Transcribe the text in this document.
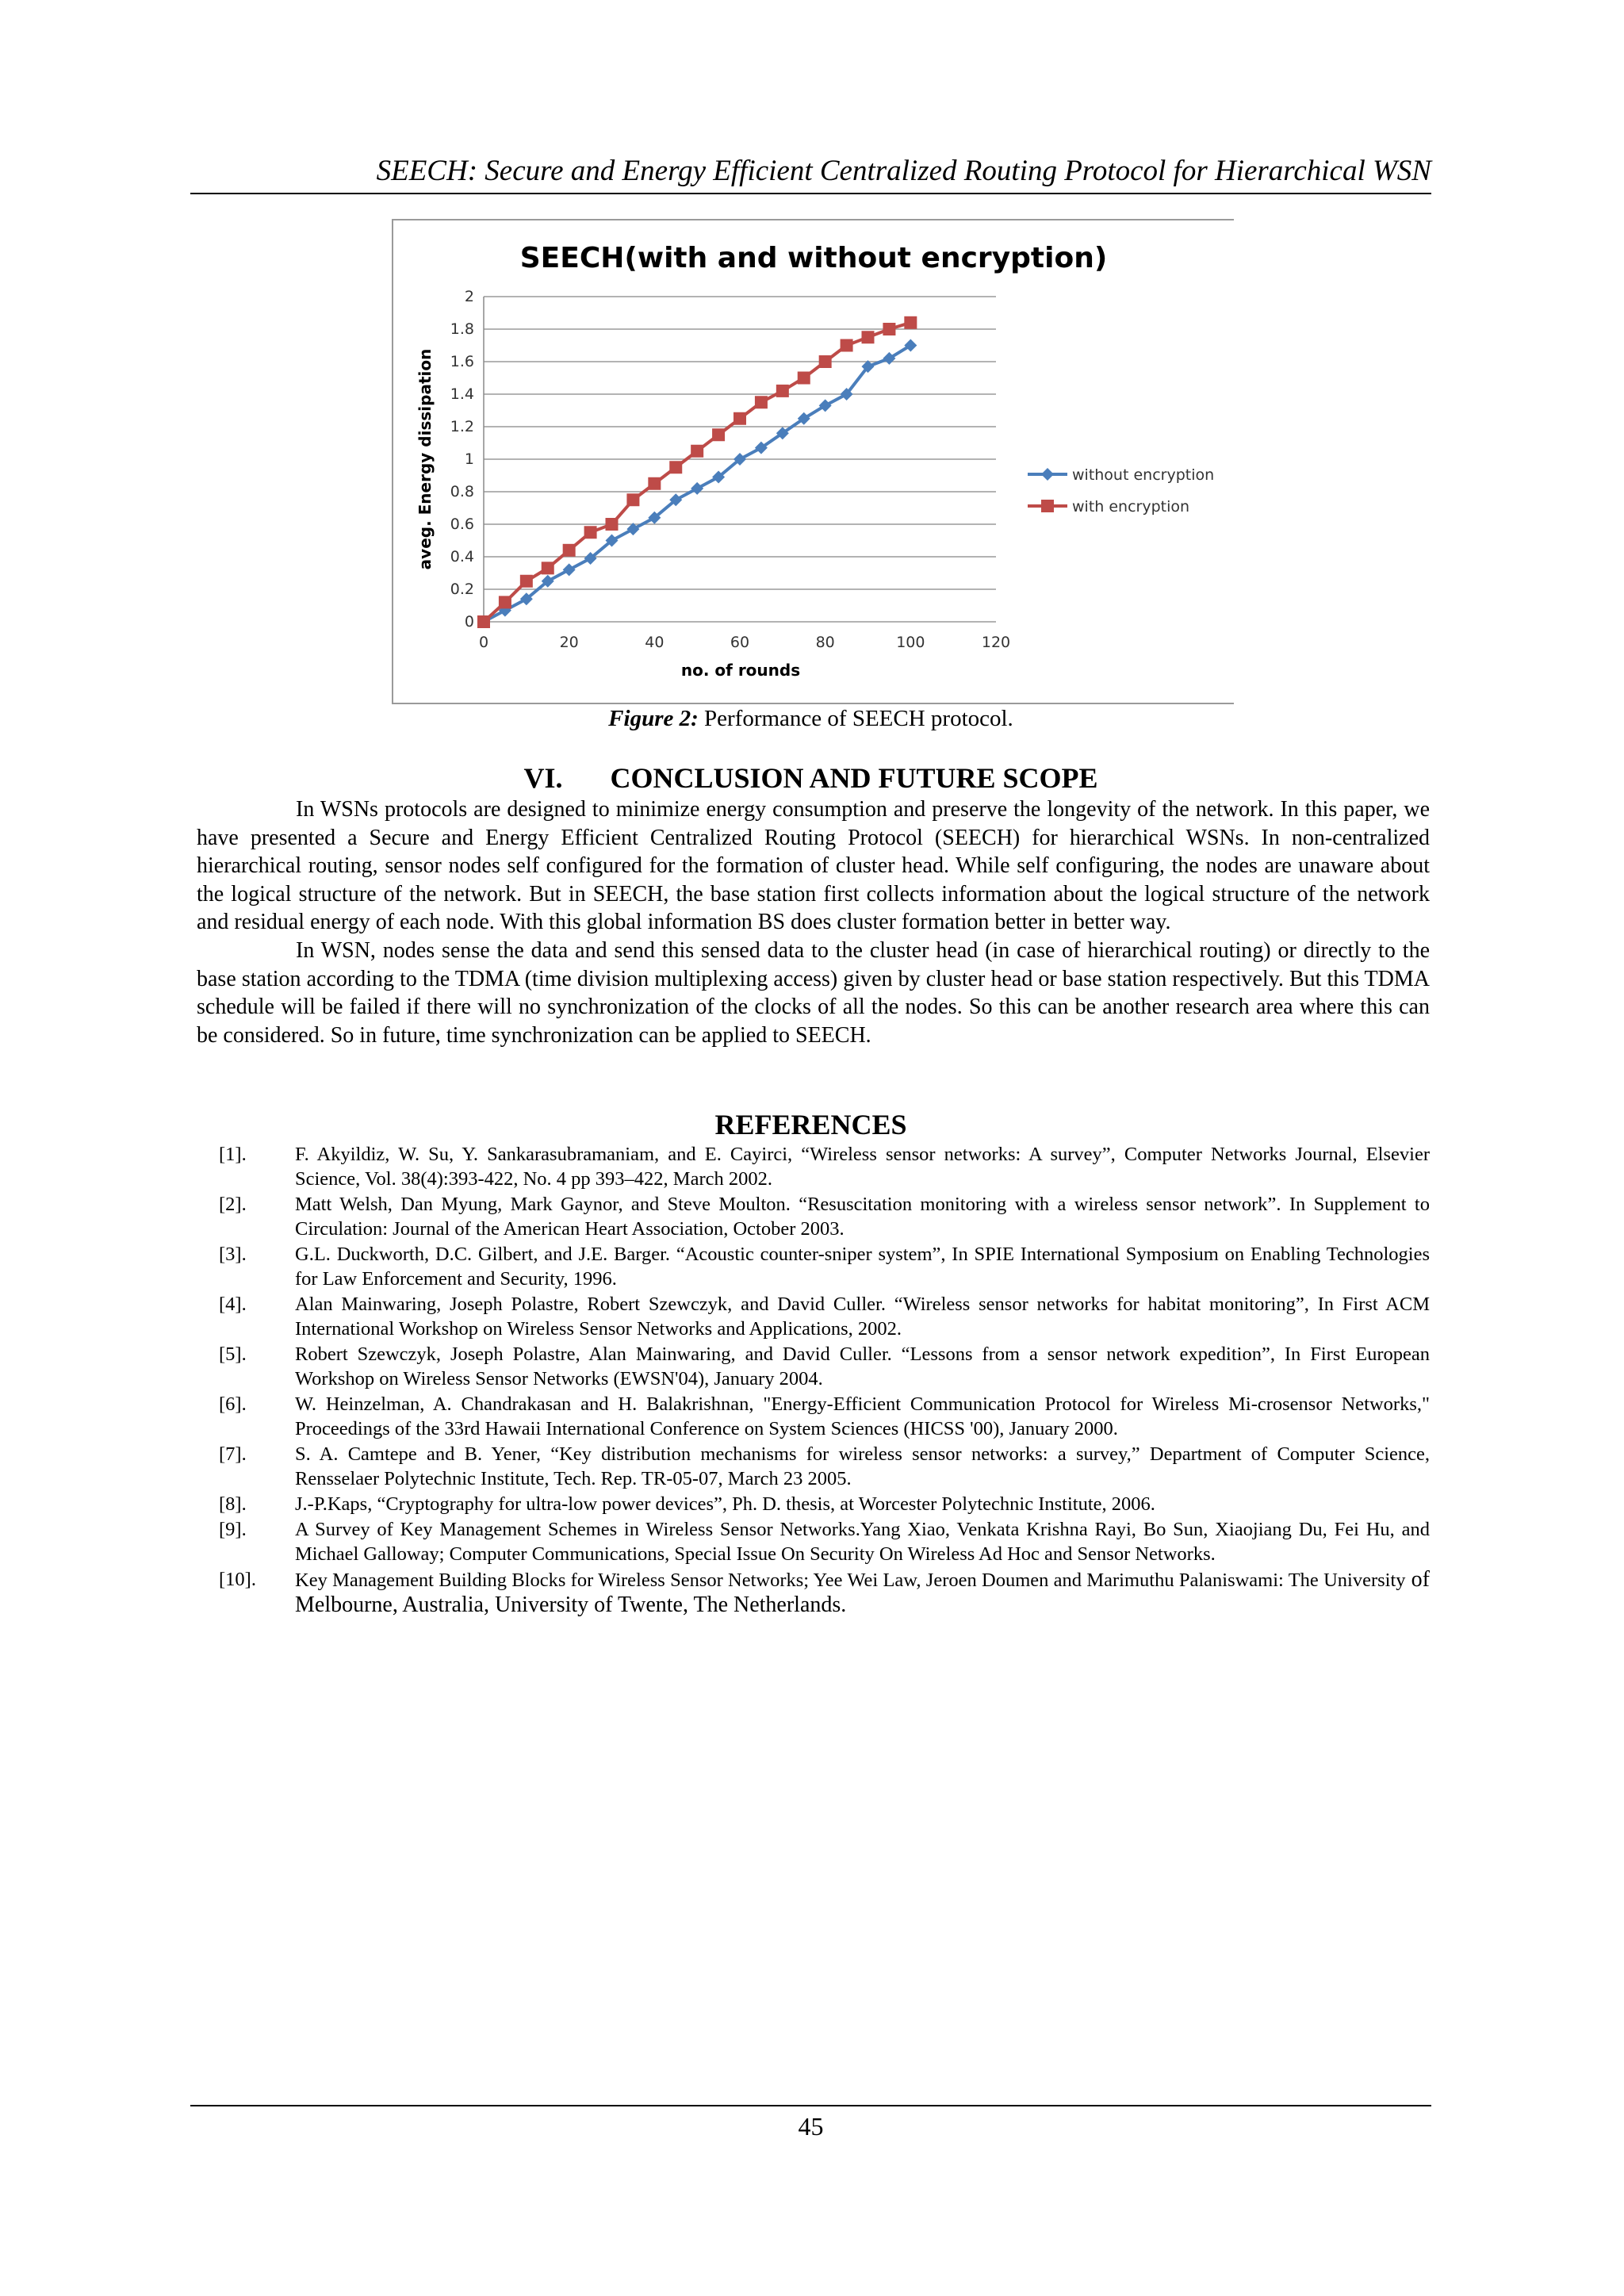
SEECH: Secure and Energy Efficient Centralized Routing Protocol for Hierarchical WSN
SEECH(with and without encryption)
0
0.2
0.4
0.6
0.8
1
1.2
1.4
1.6
1.8
2
0	20	40	60	80	100	120
without encryption
with encryption
no. of rounds
aveg. Energy dissipation
Figure 2: Performance of SEECH protocol.
VI. CONCLUSION AND FUTURE SCOPE

In WSNs protocols are designed to minimize energy consumption and preserve the longevity of the network. In this paper, we have presented a Secure and Energy Efficient Centralized Routing Protocol (SEECH) for hierarchical WSNs. In non-centralized hierarchical routing, sensor nodes self configured for the formation of cluster head. While self configuring, the nodes are unaware about the logical structure of the network. But in SEECH, the base station first collects information about the logical structure of the network and residual energy of each node. With this global information BS does cluster formation better in better way.

In WSN, nodes sense the data and send this sensed data to the cluster head (in case of hierarchical routing) or directly to the base station according to the TDMA (time division multiplexing access) given by cluster head or base station respectively. But this TDMA schedule will be failed if there will no synchronization of the clocks of all the nodes. So this can be another research area where this can be considered. So in future, time synchronization can be applied to SEECH.

REFERENCES
[1].	F. Akyildiz, W. Su, Y. Sankarasubramaniam, and E. Cayirci, “Wireless sensor networks: A survey”, Computer Networks Journal, Elsevier Science, Vol. 38(4):393-422, No. 4 pp 393–422, March 2002.
[2].	Matt Welsh, Dan Myung, Mark Gaynor, and Steve Moulton. “Resuscitation monitoring with a wireless sensor network”. In Supplement to Circulation: Journal of the American Heart Association, October 2003.
[3].	G.L. Duckworth, D.C. Gilbert, and J.E. Barger. “Acoustic counter-sniper system”, In SPIE International Symposium on Enabling Technologies for Law Enforcement and Security, 1996.
[4].	Alan Mainwaring, Joseph Polastre, Robert Szewczyk, and David Culler. “Wireless sensor networks for habitat monitoring”, In First ACM International Workshop on Wireless Sensor Networks and Applications, 2002.
[5].	Robert Szewczyk, Joseph Polastre, Alan Mainwaring, and David Culler. “Lessons from a sensor network expedition”, In First European Workshop on Wireless Sensor Networks (EWSN'04), January 2004.
[6].	W. Heinzelman, A. Chandrakasan and H. Balakrishnan, "Energy-Efficient Communication Protocol for Wireless Mi-crosensor Networks," Proceedings of the 33rd Hawaii International Conference on System Sciences (HICSS '00), January 2000.
[7].	S. A. Camtepe and B. Yener, “Key distribution mechanisms for wireless sensor networks: a survey,” Department of Computer Science, Rensselaer Polytechnic Institute, Tech. Rep. TR-05-07, March 23 2005.
[8].	J.-P.Kaps, “Cryptography for ultra-low power devices”, Ph. D. thesis, at Worcester Polytechnic Institute, 2006.
[9].	A Survey of Key Management Schemes in Wireless Sensor Networks.Yang Xiao, Venkata Krishna Rayi, Bo Sun, Xiaojiang Du, Fei Hu, and Michael Galloway; Computer Communications, Special Issue On Security On Wireless Ad Hoc and Sensor Networks.
[10].	Key Management Building Blocks for Wireless Sensor Networks; Yee Wei Law, Jeroen Doumen and Marimuthu Palaniswami: The University of Melbourne, Australia, University of Twente, The Netherlands.
45
